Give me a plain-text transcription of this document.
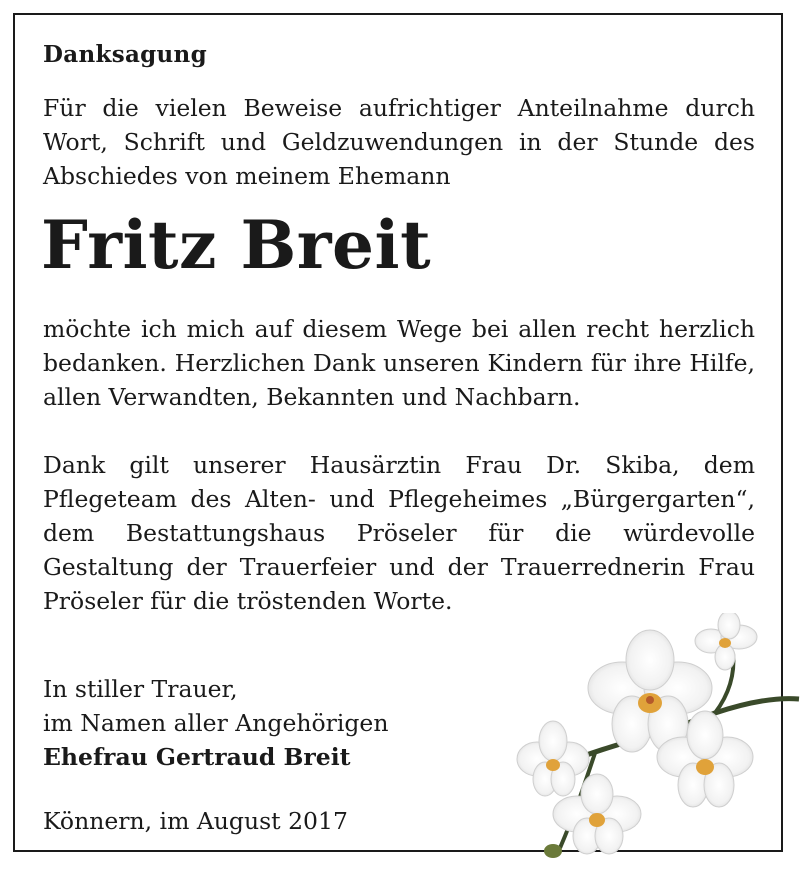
Danksagung

Für die vielen Beweise aufrichtiger Anteilnahme durch Wort, Schrift und Geldzuwendungen in der Stunde des Abschiedes von meinem Ehemann

Fritz Breit

möchte ich mich auf diesem Wege bei allen recht herzlich bedanken. Herzlichen Dank unseren Kindern für ihre Hilfe, allen Verwandten, Bekannten und Nachbarn.

Dank gilt unserer Hausärztin Frau Dr. Skiba, dem Pflegeteam des Alten- und Pflegeheimes „Bürgergarten“, dem Bestattungshaus Pröseler für die würdevolle Gestaltung der Trauerfeier und der Trauerrednerin Frau Pröseler für die tröstenden Worte.

In stiller Trauer,
im Namen aller Angehörigen
Ehefrau Gertraud Breit
Könnern, im August 2017
